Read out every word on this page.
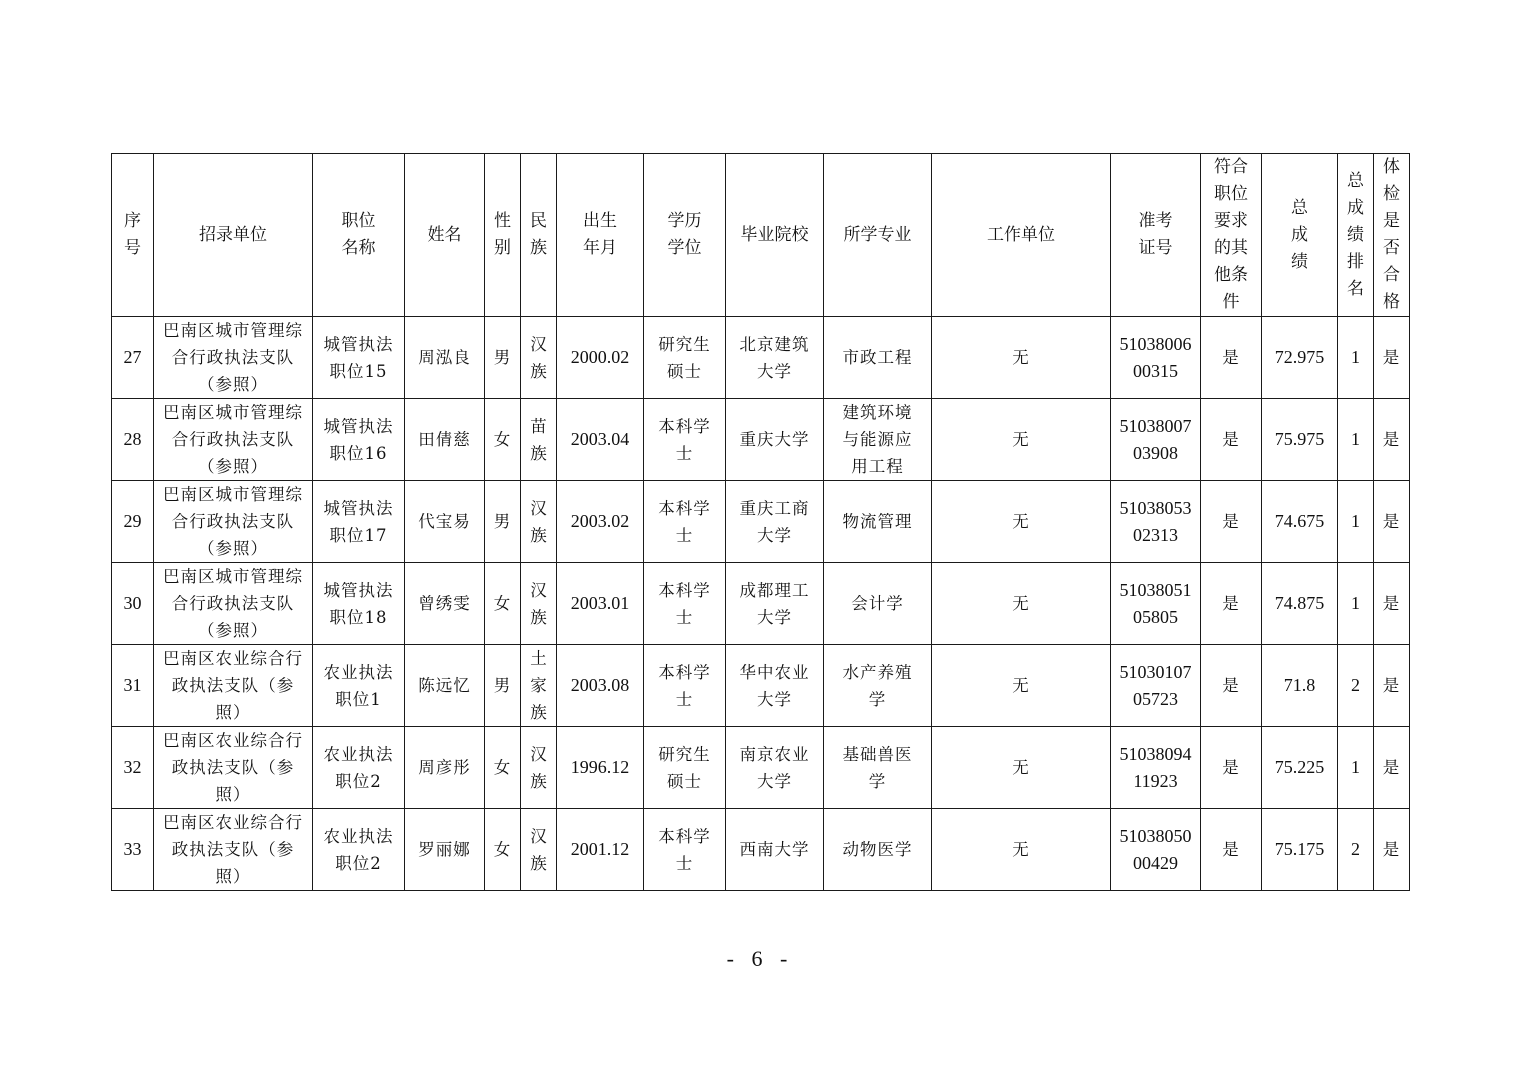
序号	招录单位	职位名称	姓名	性别	民族	出生年月	学历学位	毕业院校	所学专业	工作单位	准考证号	符合职位要求的其他条件	总成绩	总成绩排名	体检是否合格

27	巴南区城市管理综合行政执法支队（参照）	城管执法职位15	周泓良	男	汉族	2000.02	研究生硕士	北京建筑大学	市政工程	无	5103800600315	是	72.975	1	是
28	巴南区城市管理综合行政执法支队（参照）	城管执法职位16	田倩慈	女	苗族	2003.04	本科学士	重庆大学	建筑环境与能源应用工程	无	5103800703908	是	75.975	1	是
29	巴南区城市管理综合行政执法支队（参照）	城管执法职位17	代宝易	男	汉族	2003.02	本科学士	重庆工商大学	物流管理	无	5103805302313	是	74.675	1	是
30	巴南区城市管理综合行政执法支队（参照）	城管执法职位18	曾绣雯	女	汉族	2003.01	本科学士	成都理工大学	会计学	无	5103805105805	是	74.875	1	是
31	巴南区农业综合行政执法支队（参照）	农业执法职位1	陈远忆	男	土家族	2003.08	本科学士	华中农业大学	水产养殖学	无	5103010705723	是	71.8	2	是
32	巴南区农业综合行政执法支队（参照）	农业执法职位2	周彦彤	女	汉族	1996.12	研究生硕士	南京农业大学	基础兽医学	无	5103809411923	是	75.225	1	是
33	巴南区农业综合行政执法支队（参照）	农业执法职位2	罗丽娜	女	汉族	2001.12	本科学士	西南大学	动物医学	无	5103805000429	是	75.175	2	是
- 6 -
